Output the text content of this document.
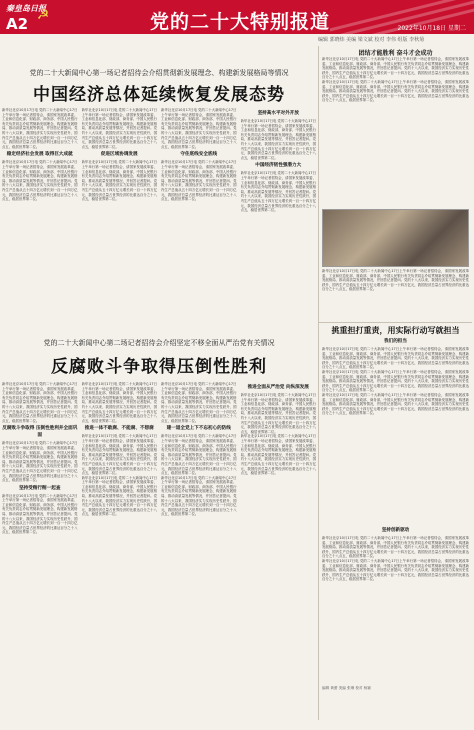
秦皇岛日报
A2 ☭	党的二十大特别报道	2022年10月18日 星期二
编辑 郭晓炜 美编 梁文斌 校对 李伟 组版 李秋菊
党的二十大新闻中心第一场记者招待会介绍贯彻新发展理念、构建新发展格局等情况
中国经济总体延续恢复发展态势
新华社北京10月17日电 党的二十大新闻中心17日上午举行第一场记者招待会，请国家发展改革委、工业和信息化部、财政部、商务部、中国人民银行有关负责同志介绍贯彻新发展理念、构建新发展格局、推动高质量发展等情况，并回答记者提问。党的十八大以来，我国经济实力实现历史性跃升，国内生产总值从五十四万亿元增长到一百一十四万亿元，我国经济总量占世界经济的比重达百分之十八点五，稳居世界第二位。
稳定经济社会发展 取得巨大成就
新华社北京10月17日电 党的二十大新闻中心17日上午举行第一场记者招待会，请国家发展改革委、工业和信息化部、财政部、商务部、中国人民银行有关负责同志介绍贯彻新发展理念、构建新发展格局、推动高质量发展等情况，并回答记者提问。党的十八大以来，我国经济实力实现历史性跃升，国内生产总值从五十四万亿元增长到一百一十四万亿元，我国经济总量占世界经济的比重达百分之十八点五，稳居世界第二位。
新华社北京10月17日电 党的二十大新闻中心17日上午举行第一场记者招待会，请国家发展改革委、工业和信息化部、财政部、商务部、中国人民银行有关负责同志介绍贯彻新发展理念、构建新发展格局、推动高质量发展等情况，并回答记者提问。党的十八大以来，我国经济实力实现历史性跃升，国内生产总值从五十四万亿元增长到一百一十四万亿元，我国经济总量占世界经济的比重达百分之十八点五，稳居世界第二位。
促进区域协调发展
新华社北京10月17日电 党的二十大新闻中心17日上午举行第一场记者招待会，请国家发展改革委、工业和信息化部、财政部、商务部、中国人民银行有关负责同志介绍贯彻新发展理念、构建新发展格局、推动高质量发展等情况，并回答记者提问。党的十八大以来，我国经济实力实现历史性跃升，国内生产总值从五十四万亿元增长到一百一十四万亿元，我国经济总量占世界经济的比重达百分之十八点五，稳居世界第二位。
新华社北京10月17日电 党的二十大新闻中心17日上午举行第一场记者招待会，请国家发展改革委、工业和信息化部、财政部、商务部、中国人民银行有关负责同志介绍贯彻新发展理念、构建新发展格局、推动高质量发展等情况，并回答记者提问。党的十八大以来，我国经济实力实现历史性跃升，国内生产总值从五十四万亿元增长到一百一十四万亿元，我国经济总量占世界经济的比重达百分之十八点五，稳居世界第二位。
守住底线安全底线
新华社北京10月17日电 党的二十大新闻中心17日上午举行第一场记者招待会，请国家发展改革委、工业和信息化部、财政部、商务部、中国人民银行有关负责同志介绍贯彻新发展理念、构建新发展格局、推动高质量发展等情况，并回答记者提问。党的十八大以来，我国经济实力实现历史性跃升，国内生产总值从五十四万亿元增长到一百一十四万亿元，我国经济总量占世界经济的比重达百分之十八点五，稳居世界第二位。
坚持高水平对外开放
新华社北京10月17日电 党的二十大新闻中心17日上午举行第一场记者招待会，请国家发展改革委、工业和信息化部、财政部、商务部、中国人民银行有关负责同志介绍贯彻新发展理念、构建新发展格局、推动高质量发展等情况，并回答记者提问。党的十八大以来，我国经济实力实现历史性跃升，国内生产总值从五十四万亿元增长到一百一十四万亿元，我国经济总量占世界经济的比重达百分之十八点五，稳居世界第二位。
中国经济韧性强潜力大
新华社北京10月17日电 党的二十大新闻中心17日上午举行第一场记者招待会，请国家发展改革委、工业和信息化部、财政部、商务部、中国人民银行有关负责同志介绍贯彻新发展理念、构建新发展格局、推动高质量发展等情况，并回答记者提问。党的十八大以来，我国经济实力实现历史性跃升，国内生产总值从五十四万亿元增长到一百一十四万亿元，我国经济总量占世界经济的比重达百分之十八点五，稳居世界第二位。
党的二十大新闻中心第二场记者招待会介绍坚定不移全面从严治党有关情况
反腐败斗争取得压倒性胜利
新华社北京10月17日电 党的二十大新闻中心17日上午举行第一场记者招待会，请国家发展改革委、工业和信息化部、财政部、商务部、中国人民银行有关负责同志介绍贯彻新发展理念、构建新发展格局、推动高质量发展等情况，并回答记者提问。党的十八大以来，我国经济实力实现历史性跃升，国内生产总值从五十四万亿元增长到一百一十四万亿元，我国经济总量占世界经济的比重达百分之十八点五，稳居世界第二位。
反腐败斗争取得 压倒性胜利并全面巩固
新华社北京10月17日电 党的二十大新闻中心17日上午举行第一场记者招待会，请国家发展改革委、工业和信息化部、财政部、商务部、中国人民银行有关负责同志介绍贯彻新发展理念、构建新发展格局、推动高质量发展等情况，并回答记者提问。党的十八大以来，我国经济实力实现历史性跃升，国内生产总值从五十四万亿元增长到一百一十四万亿元，我国经济总量占世界经济的比重达百分之十八点五，稳居世界第二位。
坚持受贿行贿一起查
新华社北京10月17日电 党的二十大新闻中心17日上午举行第一场记者招待会，请国家发展改革委、工业和信息化部、财政部、商务部、中国人民银行有关负责同志介绍贯彻新发展理念、构建新发展格局、推动高质量发展等情况，并回答记者提问。党的十八大以来，我国经济实力实现历史性跃升，国内生产总值从五十四万亿元增长到一百一十四万亿元，我国经济总量占世界经济的比重达百分之十八点五，稳居世界第二位。
新华社北京10月17日电 党的二十大新闻中心17日上午举行第一场记者招待会，请国家发展改革委、工业和信息化部、财政部、商务部、中国人民银行有关负责同志介绍贯彻新发展理念、构建新发展格局、推动高质量发展等情况，并回答记者提问。党的十八大以来，我国经济实力实现历史性跃升，国内生产总值从五十四万亿元增长到一百一十四万亿元，我国经济总量占世界经济的比重达百分之十八点五，稳居世界第二位。
推进一体不敢腐、不能腐、不想腐
新华社北京10月17日电 党的二十大新闻中心17日上午举行第一场记者招待会，请国家发展改革委、工业和信息化部、财政部、商务部、中国人民银行有关负责同志介绍贯彻新发展理念、构建新发展格局、推动高质量发展等情况，并回答记者提问。党的十八大以来，我国经济实力实现历史性跃升，国内生产总值从五十四万亿元增长到一百一十四万亿元，我国经济总量占世界经济的比重达百分之十八点五，稳居世界第二位。
新华社北京10月17日电 党的二十大新闻中心17日上午举行第一场记者招待会，请国家发展改革委、工业和信息化部、财政部、商务部、中国人民银行有关负责同志介绍贯彻新发展理念、构建新发展格局、推动高质量发展等情况，并回答记者提问。党的十八大以来，我国经济实力实现历史性跃升，国内生产总值从五十四万亿元增长到一百一十四万亿元，我国经济总量占世界经济的比重达百分之十八点五，稳居世界第二位。
新华社北京10月17日电 党的二十大新闻中心17日上午举行第一场记者招待会，请国家发展改革委、工业和信息化部、财政部、商务部、中国人民银行有关负责同志介绍贯彻新发展理念、构建新发展格局、推动高质量发展等情况，并回答记者提问。党的十八大以来，我国经济实力实现历史性跃升，国内生产总值从五十四万亿元增长到一百一十四万亿元，我国经济总量占世界经济的比重达百分之十八点五，稳居世界第二位。
建一道全党上下不忘初心的防线
新华社北京10月17日电 党的二十大新闻中心17日上午举行第一场记者招待会，请国家发展改革委、工业和信息化部、财政部、商务部、中国人民银行有关负责同志介绍贯彻新发展理念、构建新发展格局、推动高质量发展等情况，并回答记者提问。党的十八大以来，我国经济实力实现历史性跃升，国内生产总值从五十四万亿元增长到一百一十四万亿元，我国经济总量占世界经济的比重达百分之十八点五，稳居世界第二位。
新华社北京10月17日电 党的二十大新闻中心17日上午举行第一场记者招待会，请国家发展改革委、工业和信息化部、财政部、商务部、中国人民银行有关负责同志介绍贯彻新发展理念、构建新发展格局、推动高质量发展等情况，并回答记者提问。党的十八大以来，我国经济实力实现历史性跃升，国内生产总值从五十四万亿元增长到一百一十四万亿元，我国经济总量占世界经济的比重达百分之十八点五，稳居世界第二位。
推进全面从严治党 向纵深发展
新华社北京10月17日电 党的二十大新闻中心17日上午举行第一场记者招待会，请国家发展改革委、工业和信息化部、财政部、商务部、中国人民银行有关负责同志介绍贯彻新发展理念、构建新发展格局、推动高质量发展等情况，并回答记者提问。党的十八大以来，我国经济实力实现历史性跃升，国内生产总值从五十四万亿元增长到一百一十四万亿元，我国经济总量占世界经济的比重达百分之十八点五，稳居世界第二位。
新华社北京10月17日电 党的二十大新闻中心17日上午举行第一场记者招待会，请国家发展改革委、工业和信息化部、财政部、商务部、中国人民银行有关负责同志介绍贯彻新发展理念、构建新发展格局、推动高质量发展等情况，并回答记者提问。党的十八大以来，我国经济实力实现历史性跃升，国内生产总值从五十四万亿元增长到一百一十四万亿元，我国经济总量占世界经济的比重达百分之十八点五，稳居世界第二位。
团结才能胜利 奋斗才会成功
新华社北京10月17日电 党的二十大新闻中心17日上午举行第一场记者招待会，请国家发展改革委、工业和信息化部、财政部、商务部、中国人民银行有关负责同志介绍贯彻新发展理念、构建新发展格局、推动高质量发展等情况，并回答记者提问。党的十八大以来，我国经济实力实现历史性跃升，国内生产总值从五十四万亿元增长到一百一十四万亿元，我国经济总量占世界经济的比重达百分之十八点五，稳居世界第二位。
新华社北京10月17日电 党的二十大新闻中心17日上午举行第一场记者招待会，请国家发展改革委、工业和信息化部、财政部、商务部、中国人民银行有关负责同志介绍贯彻新发展理念、构建新发展格局、推动高质量发展等情况，并回答记者提问。党的十八大以来，我国经济实力实现历史性跃升，国内生产总值从五十四万亿元增长到一百一十四万亿元，我国经济总量占世界经济的比重达百分之十八点五，稳居世界第二位。
新华社北京10月17日电 党的二十大新闻中心17日上午举行第一场记者招待会，请国家发展改革委、工业和信息化部、财政部、商务部、中国人民银行有关负责同志介绍贯彻新发展理念、构建新发展格局、推动高质量发展等情况，并回答记者提问。党的十八大以来，我国经济实力实现历史性跃升，国内生产总值从五十四万亿元增长到一百一十四万亿元，我国经济总量占世界经济的比重达百分之十八点五，稳居世界第二位。
挑重担打重责，用实际行动写就担当
我们的担当
新华社北京10月17日电 党的二十大新闻中心17日上午举行第一场记者招待会，请国家发展改革委、工业和信息化部、财政部、商务部、中国人民银行有关负责同志介绍贯彻新发展理念、构建新发展格局、推动高质量发展等情况，并回答记者提问。党的十八大以来，我国经济实力实现历史性跃升，国内生产总值从五十四万亿元增长到一百一十四万亿元，我国经济总量占世界经济的比重达百分之十八点五，稳居世界第二位。
新华社北京10月17日电 党的二十大新闻中心17日上午举行第一场记者招待会，请国家发展改革委、工业和信息化部、财政部、商务部、中国人民银行有关负责同志介绍贯彻新发展理念、构建新发展格局、推动高质量发展等情况，并回答记者提问。党的十八大以来，我国经济实力实现历史性跃升，国内生产总值从五十四万亿元增长到一百一十四万亿元，我国经济总量占世界经济的比重达百分之十八点五，稳居世界第二位。
新华社北京10月17日电 党的二十大新闻中心17日上午举行第一场记者招待会，请国家发展改革委、工业和信息化部、财政部、商务部、中国人民银行有关负责同志介绍贯彻新发展理念、构建新发展格局、推动高质量发展等情况，并回答记者提问。党的十八大以来，我国经济实力实现历史性跃升，国内生产总值从五十四万亿元增长到一百一十四万亿元，我国经济总量占世界经济的比重达百分之十八点五，稳居世界第二位。
坚持创新驱动
新华社北京10月17日电 党的二十大新闻中心17日上午举行第一场记者招待会，请国家发展改革委、工业和信息化部、财政部、商务部、中国人民银行有关负责同志介绍贯彻新发展理念、构建新发展格局、推动高质量发展等情况，并回答记者提问。党的十八大以来，我国经济实力实现历史性跃升，国内生产总值从五十四万亿元增长到一百一十四万亿元，我国经济总量占世界经济的比重达百分之十八点五，稳居世界第二位。
新华社北京10月17日电 党的二十大新闻中心17日上午举行第一场记者招待会，请国家发展改革委、工业和信息化部、财政部、商务部、中国人民银行有关负责同志介绍贯彻新发展理念、构建新发展格局、推动高质量发展等情况，并回答记者提问。党的十八大以来，我国经济实力实现历史性跃升，国内生产总值从五十四万亿元增长到一百一十四万亿元，我国经济总量占世界经济的比重达百分之十八点五，稳居世界第二位。
编辑 黄蕾 美编 张琳 校对 杨颖
